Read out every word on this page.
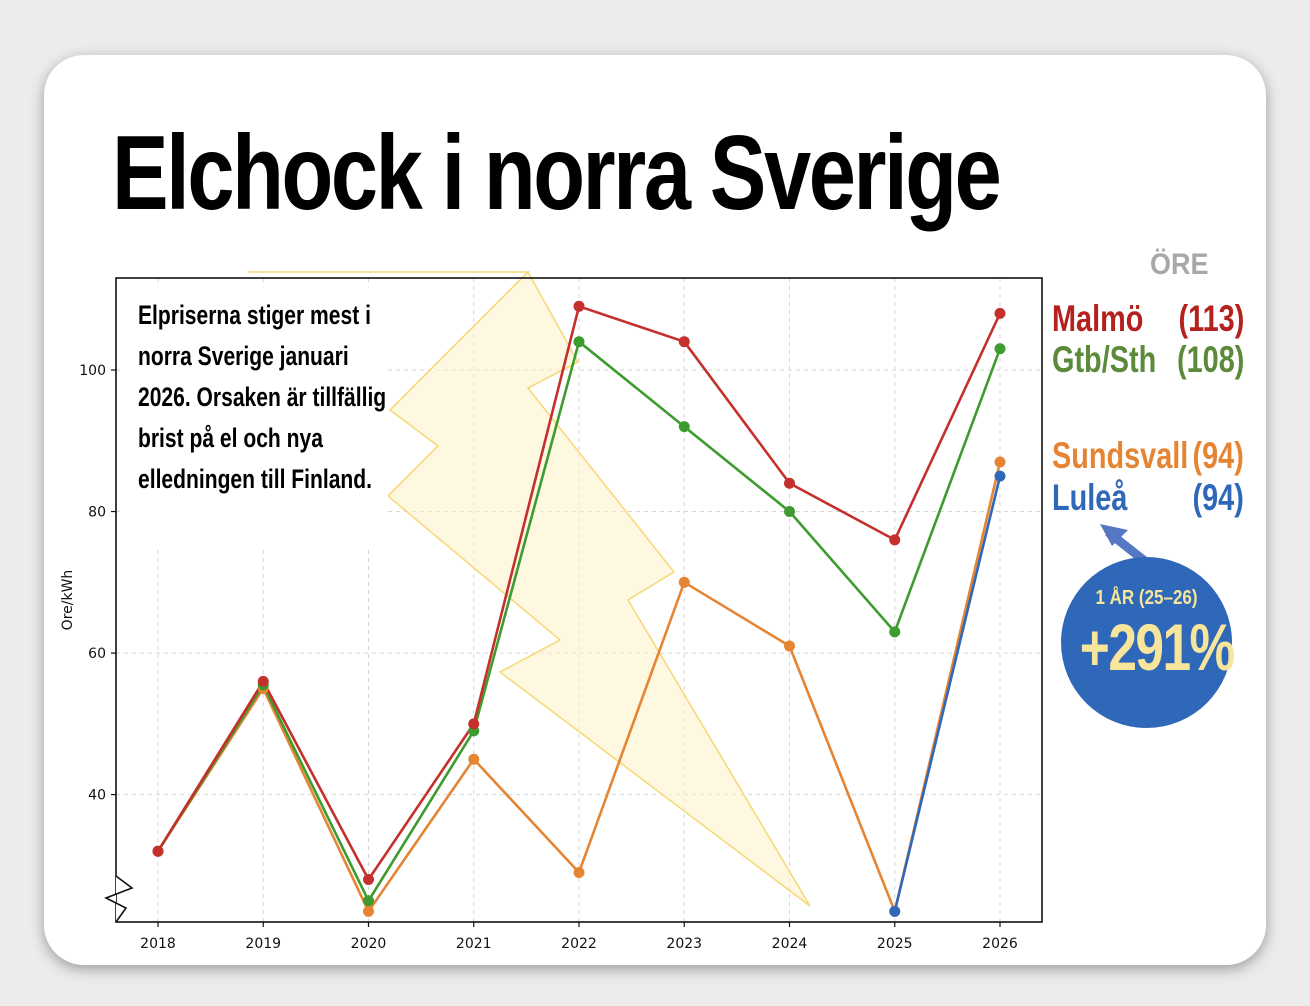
Elchock i norra Sverige
40
60
80
100
2018	2019	2020	2021	2022	2023	2024	2025	2026
Ore/kWh
ÖRE
Malmö (113)
Gtb/Sth (108)
Sundsvall (94)
Luleå (94)
Elpriserna stiger mest i norra Sverige januari 2026. Orsaken är tillfällig brist på el och nya elledningen till Finland.
1 ÅR (25–26)
+291%
